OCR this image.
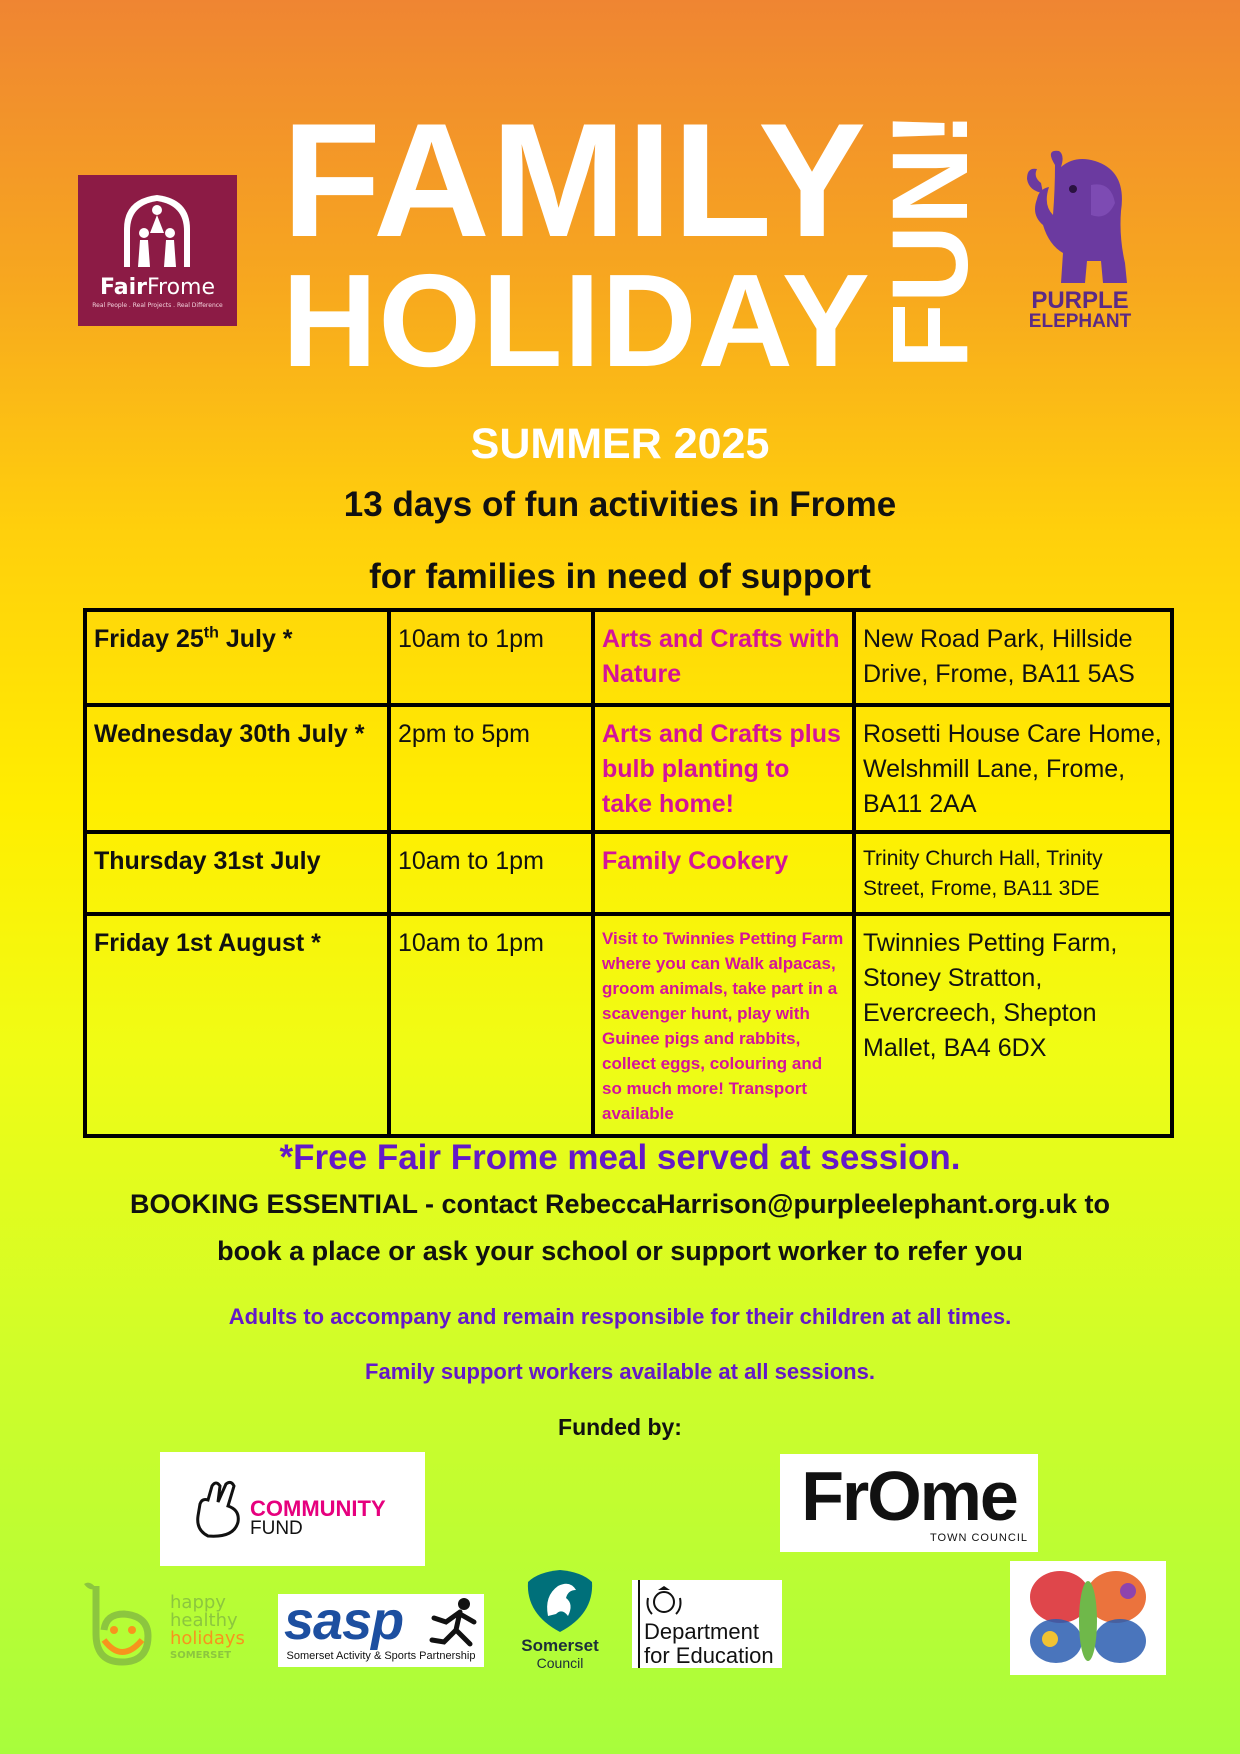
FairFrome
Real People . Real Projects . Real Difference
FAMILY
HOLIDAY
FUN!	PURPLE
ELEPHANT
SUMMER 2025
13 days of fun activities in Frome
for families in need of support
Friday 25th July *	10am to 1pm	Arts and Crafts with Nature	New Road Park, Hillside Drive, Frome, BA11 5AS
Wednesday 30th July *	2pm to 5pm	Arts and Crafts plus bulb planting to take home!	Rosetti House Care Home, Welshmill Lane, Frome, BA11 2AA
Thursday 31st July	10am to 1pm	Family Cookery	Trinity Church Hall, Trinity Street, Frome, BA11 3DE
Friday 1st August *	10am to 1pm	Visit to Twinnies Petting Farm where you can Walk alpacas, groom animals, take part in a scavenger hunt, play with Guinee pigs and rabbits, collect eggs, colouring and so much more! Transport available	Twinnies Petting Farm, Stoney Stratton, Evercreech, Shepton Mallet, BA4 6DX
*Free Fair Frome meal served at session.
BOOKING ESSENTIAL - contact RebeccaHarrison@purpleelephant.org.uk to
book a place or ask your school or support worker to refer you
Adults to accompany and remain responsible for their children at all times.
Family support workers available at all sessions.
Funded by:
COMMUNITY
FUND	FrOme
TOWN COUNCIL
happy
healthy
holidays
SOMERSET
sasp
Somerset Activity & Sports Partnership
Somerset
Council
Department
for Education
